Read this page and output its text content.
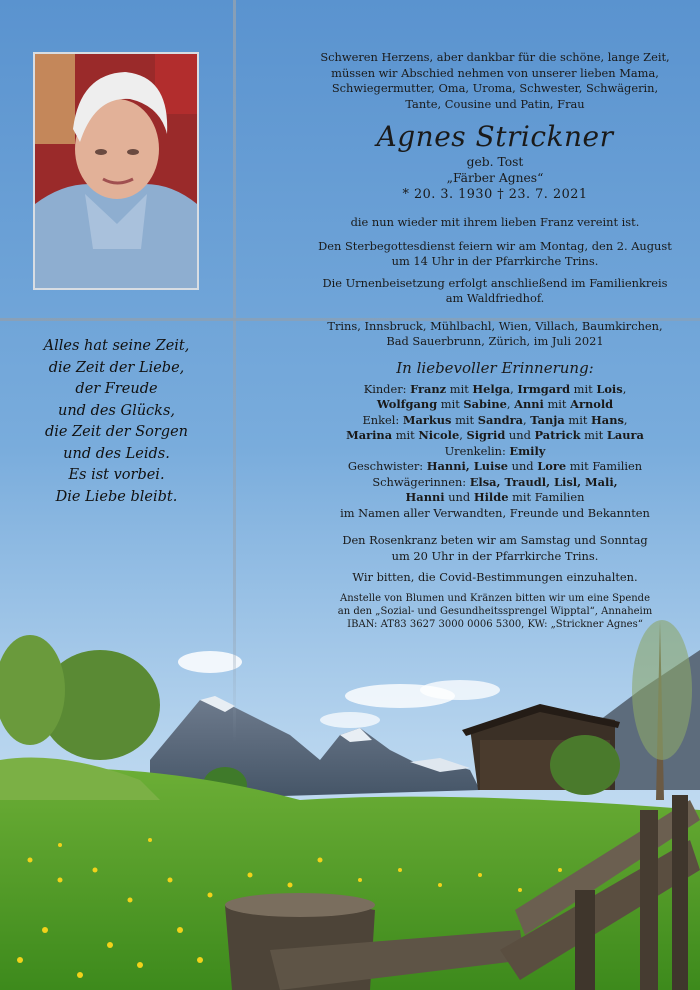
Alles hat seine Zeit,
die Zeit der Liebe,
der Freude
und des Glücks,
die Zeit der Sorgen
und des Leids.
Es ist vorbei.
Die Liebe bleibt.
Schweren Herzens, aber dankbar für die schöne, lange Zeit,
müssen wir Abschied nehmen von unserer lieben Mama,
Schwiegermutter, Oma, Uroma, Schwester, Schwägerin,
Tante, Cousine und Patin, Frau
Agnes Strickner
geb. Tost
„Färber Agnes“
* 20. 3. 1930 † 23. 7. 2021
die nun wieder mit ihrem lieben Franz vereint ist.
Den Sterbegottesdienst feiern wir am Montag, den 2. August
um 14 Uhr in der Pfarrkirche Trins.
Die Urnenbeisetzung erfolgt anschließend im Familienkreis
am Waldfriedhof.
Trins, Innsbruck, Mühlbachl, Wien, Villach, Baumkirchen,
Bad Sauerbrunn, Zürich, im Juli 2021
In liebevoller Erinnerung:
Kinder: Franz mit Helga, Irmgard mit Lois,
Wolfgang mit Sabine, Anni mit Arnold
Enkel: Markus mit Sandra, Tanja mit Hans,
Marina mit Nicole, Sigrid und Patrick mit Laura
Urenkelin: Emily
Geschwister: Hanni, Luise und Lore mit Familien
Schwägerinnen: Elsa, Traudl, Lisl, Mali,
Hanni und Hilde mit Familien
im Namen aller Verwandten, Freunde und Bekannten
Den Rosenkranz beten wir am Samstag und Sonntag
um 20 Uhr in der Pfarrkirche Trins.
Wir bitten, die Covid-Bestimmungen einzuhalten.
Anstelle von Blumen und Kränzen bitten wir um eine Spende
an den „Sozial- und Gesundheitssprengel Wipptal“, Annaheim
IBAN: AT83 3627 3000 0006 5300, KW: „Strickner Agnes“
